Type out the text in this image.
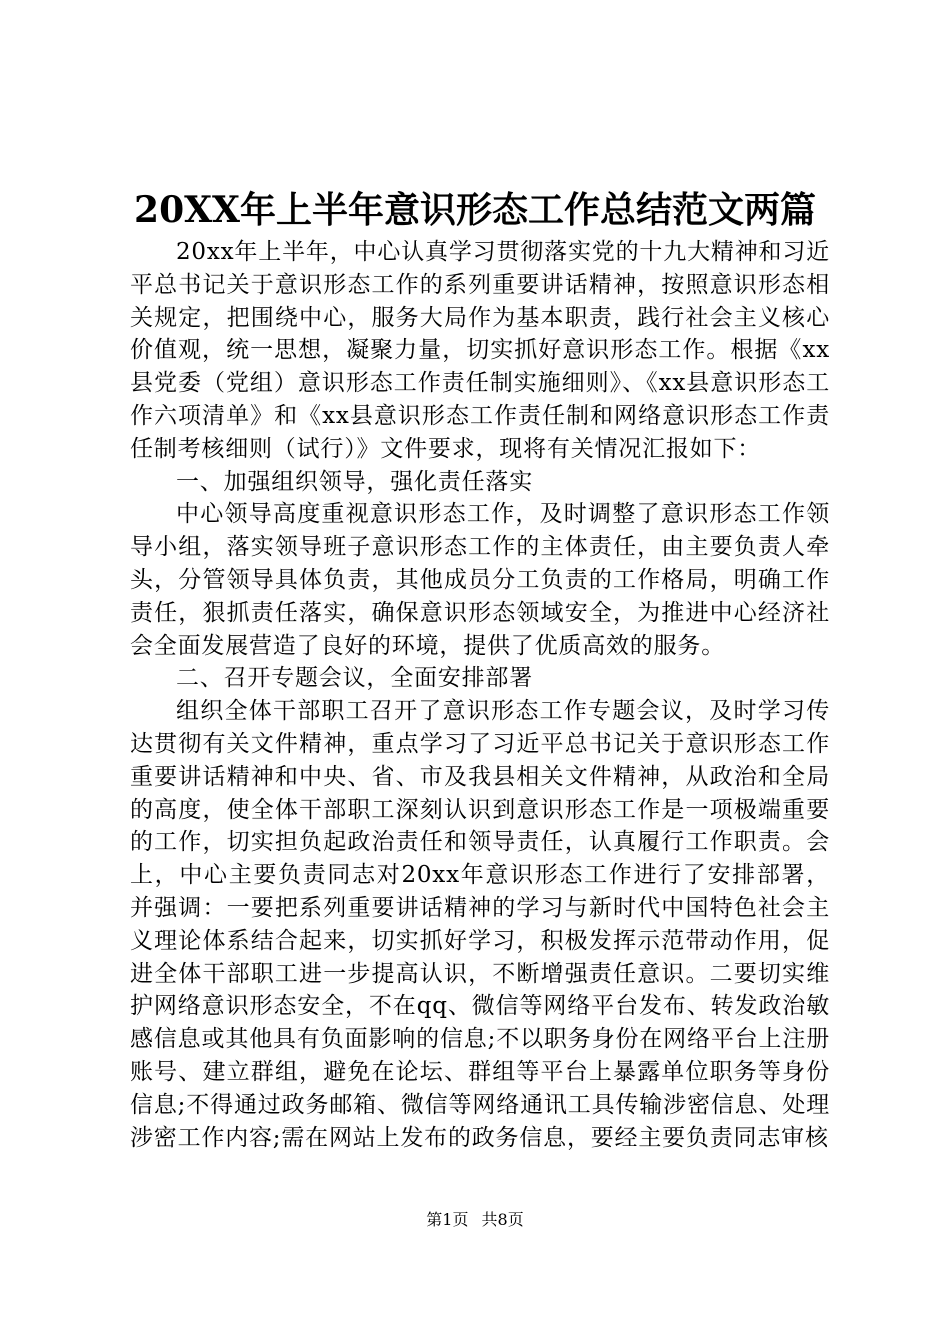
20XX年上半年意识形态工作总结范文两篇

20xx年上半年，中心认真学习贯彻落实党的十九大精神和习近平总书记关于意识形态工作的系列重要讲话精神，按照意识形态相关规定，把围绕中心，服务大局作为基本职责，践行社会主义核心价值观，统一思想，凝聚力量，切实抓好意识形态工作。根据《xx县党委（党组）意识形态工作责任制实施细则》、《xx县意识形态工作六项清单》和《xx县意识形态工作责任制和网络意识形态工作责任制考核细则（试行）》文件要求，现将有关情况汇报如下：

一、加强组织领导，强化责任落实

中心领导高度重视意识形态工作，及时调整了意识形态工作领导小组，落实领导班子意识形态工作的主体责任，由主要负责人牵头，分管领导具体负责，其他成员分工负责的工作格局，明确工作责任，狠抓责任落实，确保意识形态领域安全，为推进中心经济社会全面发展营造了良好的环境，提供了优质高效的服务。

二、召开专题会议，全面安排部署

组织全体干部职工召开了意识形态工作专题会议，及时学习传达贯彻有关文件精神，重点学习了习近平总书记关于意识形态工作重要讲话精神和中央、省、市及我县相关文件精神，从政治和全局的高度，使全体干部职工深刻认识到意识形态工作是一项极端重要的工作，切实担负起政治责任和领导责任，认真履行工作职责。会上，中心主要负责同志对20xx年意识形态工作进行了安排部署，并强调：一要把系列重要讲话精神的学习与新时代中国特色社会主义理论体系结合起来，切实抓好学习，积极发挥示范带动作用，促进全体干部职工进一步提高认识，不断增强责任意识。二要切实维护网络意识形态安全，不在qq、微信等网络平台发布、转发政治敏感信息或其他具有负面影响的信息;不以职务身份在网络平台上注册账号、建立群组，避免在论坛、群组等平台上暴露单位职务等身份信息;不得通过政务邮箱、微信等网络通讯工具传输涉密信息、处理涉密工作内容;需在网站上发布的政务信息，要经主要负责同志审核

第1页 共8页
